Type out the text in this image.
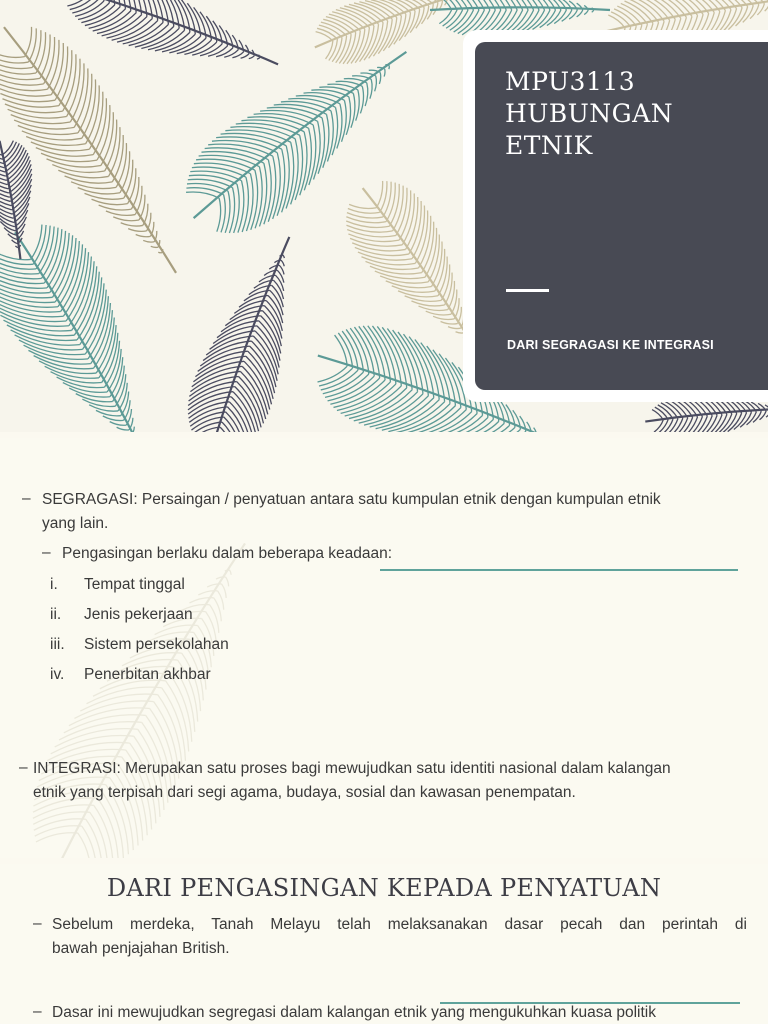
MPU3113
HUBUNGAN
ETNIK
DARI SEGRAGASI KE INTEGRASI
– SEGRAGASI: Persaingan / penyatuan antara satu kumpulan etnik dengan kumpulan etnik
yang lain.
– Pengasingan berlaku dalam beberapa keadaan:
i. Tempat tinggal
ii. Jenis pekerjaan
iii. Sistem persekolahan
iv. Penerbitan akhbar
– INTEGRASI: Merupakan satu proses bagi mewujudkan satu identiti nasional dalam kalangan
etnik yang terpisah dari segi agama, budaya, sosial dan kawasan penempatan.
DARI PENGASINGAN KEPADA PENYATUAN
– Sebelum merdeka, Tanah Melayu telah melaksanakan dasar pecah dan perintah di
bawah penjajahan British.
– Dasar ini mewujudkan segregasi dalam kalangan etnik yang mengukuhkan kuasa politik
